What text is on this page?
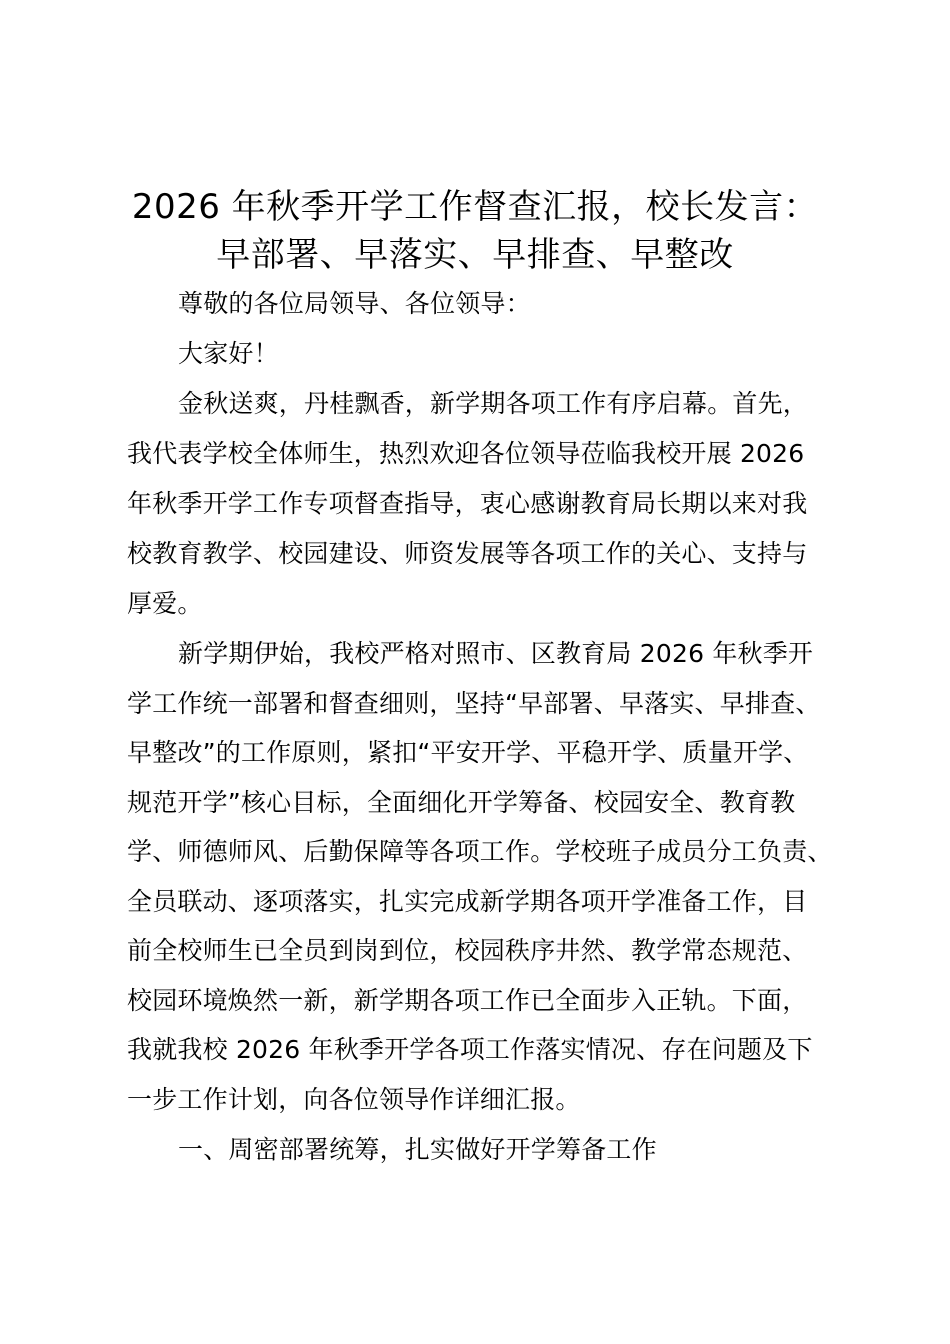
2026 年秋季开学工作督查汇报，校长发言：
早部署、早落实、早排查、早整改
尊敬的各位局领导、各位领导：
大家好！
金秋送爽，丹桂飘香，新学期各项工作有序启幕。首先，
我代表学校全体师生，热烈欢迎各位领导莅临我校开展 2026
年秋季开学工作专项督查指导，衷心感谢教育局长期以来对我
校教育教学、校园建设、师资发展等各项工作的关心、支持与
厚爱。
新学期伊始，我校严格对照市、区教育局 2026 年秋季开
学工作统一部署和督查细则，坚持“早部署、早落实、早排查、
早整改”的工作原则，紧扣“平安开学、平稳开学、质量开学、
规范开学”核心目标，全面细化开学筹备、校园安全、教育教
学、师德师风、后勤保障等各项工作。学校班子成员分工负责、
全员联动、逐项落实，扎实完成新学期各项开学准备工作，目
前全校师生已全员到岗到位，校园秩序井然、教学常态规范、
校园环境焕然一新，新学期各项工作已全面步入正轨。下面，
我就我校 2026 年秋季开学各项工作落实情况、存在问题及下
一步工作计划，向各位领导作详细汇报。
一、周密部署统筹，扎实做好开学筹备工作
